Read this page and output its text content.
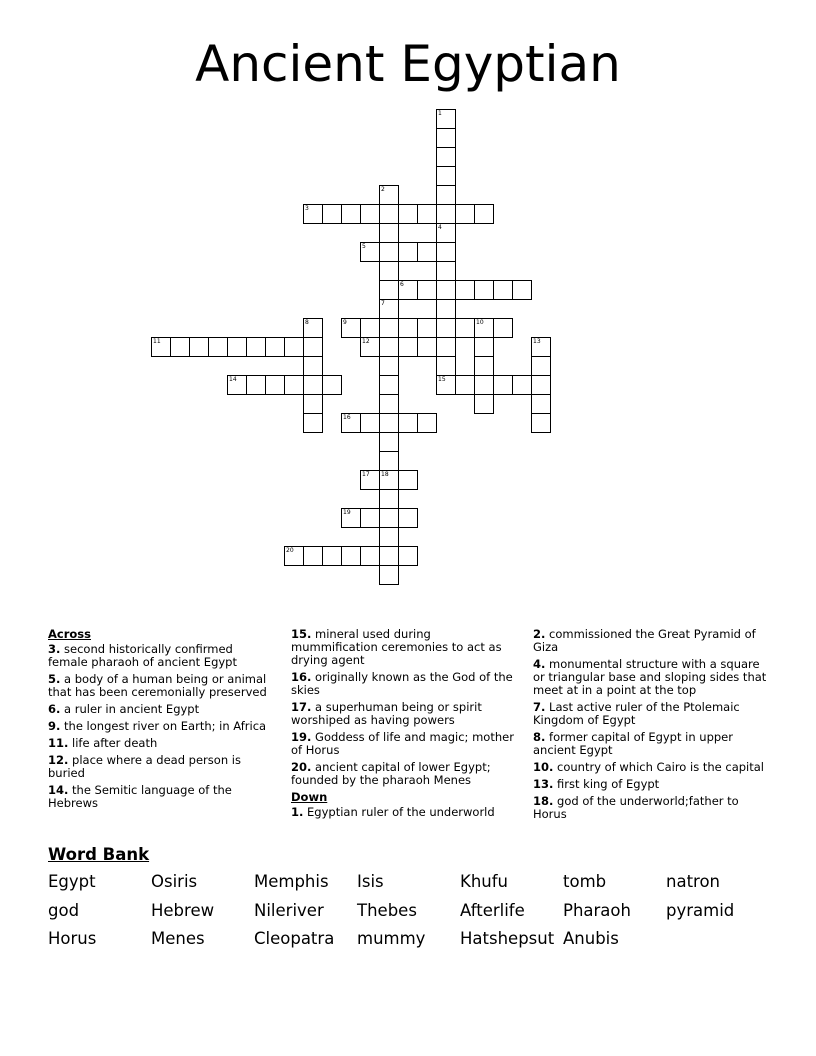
Ancient Egyptian
3
5
6
9	10
11	12
14	15
16
17 18
19
20
1
4
2
7
8
13
Across
3. second historically confirmed female pharaoh of ancient Egypt
5. a body of a human being or animal that has been ceremonially preserved
6. a ruler in ancient Egypt
9. the longest river on Earth; in Africa
11. life after death
12. place where a dead person is buried
14. the Semitic language of the Hebrews
15. mineral used during mummification ceremonies to act as drying agent
16. originally known as the God of the skies
17. a superhuman being or spirit worshiped as having powers
19. Goddess of life and magic; mother of Horus
20. ancient capital of lower Egypt; founded by the pharaoh Menes
Down
1. Egyptian ruler of the underworld
2. commissioned the Great Pyramid of Giza
4. monumental structure with a square or triangular base and sloping sides that meet at in a point at the top
7. Last active ruler of the Ptolemaic Kingdom of Egypt
8. former capital of Egypt in upper ancient Egypt
10. country of which Cairo is the capital
13. first king of Egypt
18. god of the underworld;father to Horus
Word Bank
Egypt	Osiris	Memphis	Isis	Khufu	tomb	natron
god	Hebrew	Nileriver	Thebes	Afterlife	Pharaoh	pyramid
Horus	Menes	Cleopatra	mummy	Hatshepsut Anubis
